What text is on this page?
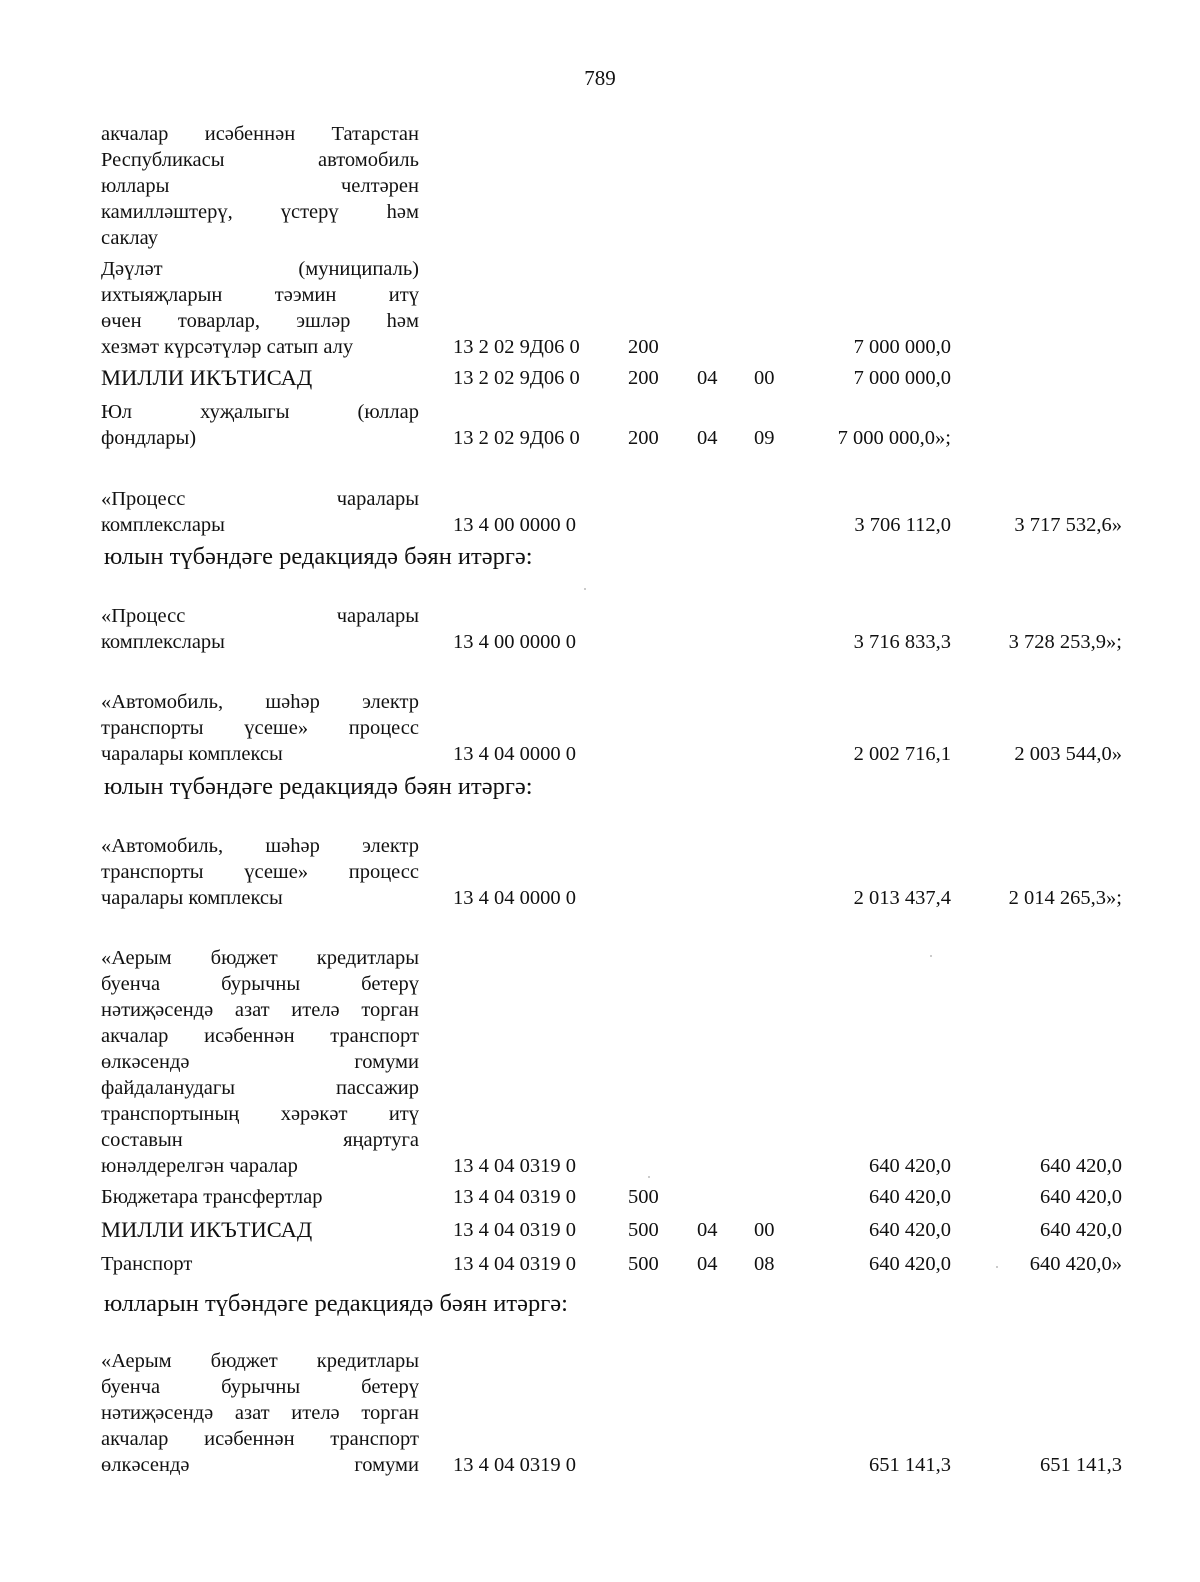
789
акчалар исәбеннән Татарстан
Республикасы автомобиль
юллары челтәрен
камилләштерү, үстерү һәм
саклау
Дәүләт (муниципаль)
ихтыяҗларын тәэмин итү
өчен товарлар, эшләр һәм
хезмәт күрсәтүләр сатып алу	13 2 02 9Д06 0 200	7 000 000,0
МИЛЛИ ИКЪТИСАД	13 2 02 9Д06 0 200 04 00	7 000 000,0
Юл хуҗалыгы (юллар
фондлары)	13 2 02 9Д06 0 200 04 09	7 000 000,0»;
«Процесс чаралары
комплекслары	13 4 00 0000 0	3 706 112,0	3 717 532,6»
юлын түбәндәге редакциядә бәян итәргә:
«Процесс чаралары
комплекслары	13 4 00 0000 0	3 716 833,3	3 728 253,9»;
«Автомобиль, шәһәр электр
транспорты үсеше» процесс
чаралары комплексы	13 4 04 0000 0	2 002 716,1	2 003 544,0»
юлын түбәндәге редакциядә бәян итәргә:
«Автомобиль, шәһәр электр
транспорты үсеше» процесс
чаралары комплексы	13 4 04 0000 0	2 013 437,4	2 014 265,3»;
«Аерым бюджет кредитлары
буенча бурычны бетерү
нәтиҗәсендә азат ителә торган
акчалар исәбеннән транспорт
өлкәсендә гомуми
файдаланудагы пассажир
транспортының хәрәкәт итү
составын яңартуга
юнәлдерелгән чаралар	13 4 04 0319 0	640 420,0	640 420,0
Бюджетара трансфертлар	13 4 04 0319 0	500	640 420,0	640 420,0
МИЛЛИ ИКЪТИСАД	13 4 04 0319 0	500 04 00	640 420,0	640 420,0
Транспорт	13 4 04 0319 0	500 04 08	640 420,0	640 420,0»
юлларын түбәндәге редакциядә бәян итәргә:
«Аерым бюджет кредитлары
буенча бурычны бетерү
нәтиҗәсендә азат ителә торган
акчалар исәбеннән транспорт
өлкәсендә гомуми 13 4 04 0319 0	651 141,3	651 141,3
